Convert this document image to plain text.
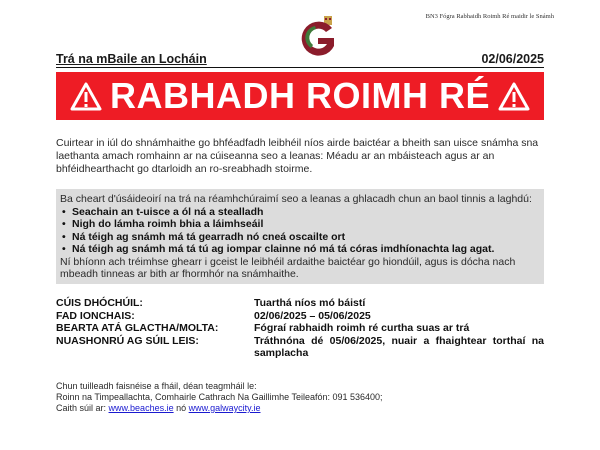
BN3 Fógra Rabhaidh Roimh Ré maidir le Snámh
Trá na mBaile an Locháin	02/06/2025
RABHADH ROIMH RÉ

Cuirtear in iúl do shnámhaithe go bhféadfadh leibhéil níos airde baictéar a bheith san uisce snámha sna laethanta amach romhainn ar na cúiseanna seo a leanas: Méadu ar an mbáisteach agus ar an bhféidhearthacht go dtarloidh an ro-sreabhadh stoirme.

Ba cheart d'úsáideoirí na trá na réamhchúraimí seo a leanas a ghlacadh chun an baol tinnis a laghdú:

• Seachain an t-uisce a ól ná a stealladh
• Nigh do lámha roimh bhia a láimhseáil
• Ná téigh ag snámh má tá gearradh nó cneá oscailte ort
• Ná téigh ag snámh má tá tú ag iompar clainne nó má tá córas imdhíonachta lag agat.

Ní bhíonn ach tréimhse ghearr i gceist le leibhéil ardaithe baictéar go hiondúil, agus is dócha nach mbeadh tinneas ar bith ar fhormhór na snámhaithe.

CÚIS DHÓCHÚIL:	Tuarthá níos mó báistí
FAD IONCHAIS:	02/06/2025 – 05/06/2025
BEARTA ATÁ GLACTHA/MOLTA:	Fógraí rabhaidh roimh ré curtha suas ar trá
NUASHONRÚ AG SÚIL LEIS:	Tráthnóna dé 05/06/2025, nuair a fhaightear torthaí na samplacha
Chun tuilleadh faisnéise a fháil, déan teagmháil le:
Roinn na Timpeallachta, Comhairle Cathrach Na Gaillimhe Teileafón: 091 536400;
Caith súil ar: www.beaches.ie nó www.galwaycity.ie
